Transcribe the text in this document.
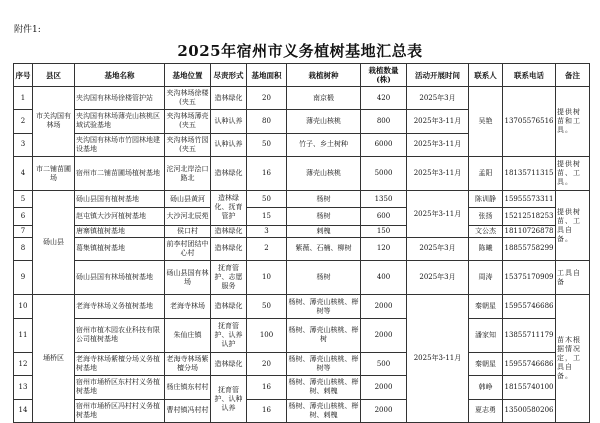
附件1:
2025年宿州市义务植树基地汇总表
序号	县区	基地名称	基地位置	尽责形式	基地面积	栽植树种	栽植数量(株)	活动开展时间	联系人	联系电话	备注
1	市关沟国有林场	夹沟国有林场徐楼管护站	夹沟林场徐楼(夹五	造林绿化	20	南京椴	420	2025年3月	吴艳	13705576516	提供树苗和工具。
2		夹沟国有林场薄壳山核桃区域试验基地	夹沟林场薄壳(夹五	认种认养	80	薄壳山核桃	800	2025年3-11月			
3		夹沟国有林场市竹园林地建设基地	夹沟林场竹园(夹五	认种认养	50	竹子、乡土树种	6000	2025年3-11月			
4	市二铺苗圃场	宿州市二铺苗圃场植树基地	沱河北岸浍口路北	造林绿化	16	薄壳山核桃	5000	2025年3-11月	孟阳	18135711315	提供树苗、工具。
5	砀山县	砀山县国有植树基地	砀山县黄河	造林绿化、抚育管护	50	杨树	1350	2025年3-11月	陈训静	15955573311	提供树苗、工具自备。
6		赵屯镇大沙河植树基地	大沙河北辰苑		15	杨树	600		张扬	15212518253	
7		唐寨镇植树基地	侯口村	造林绿化	3	刺槐	150		文公杰	18110726878	
8		葛集镇植树基地	前李村团结中心村	造林绿化	2	紫薇、石楠、柳树	120	2025年3月	陈曦	18855758299	
9		砀山县国有林场植树基地	砀山县国有林场	抚育管护、志愿服务	10	杨树	400	2025年3月	周涛	15375170909	工具自备
10	埇桥区	老海寺林场义务植树基地	老海寺林场	造林绿化	50	杨树、薄壳山核桃、榉树等	2000	2025年3-11月	秦朝星	15955746686	苗木根据情况定，工具自备。
11		宿州市植木园农业科技有限公司植树基地	朱仙庄镇	抚育管护、认养认护	100	杨树、薄壳山核桃、榉树	2000		潘家知	13855711179	
12		老海寺林场紫檀分场义务植树基地	老海寺林场紫檀分场	造林绿化	20	杨树、薄壳山核桃、榉树等	500		秦朝星	15955746686	
13		宿州市埇桥区东村村义务植树基地	杨庄镇东村村	抚育管护、认种认养	16	杨树、薄壳山核桃、榉树、刺槐	2000		韩峥	18155740100	
14		宿州市埇桥区冯村村义务植树基地	曹村镇冯村村		16	杨树、薄壳山核桃、榉树、刺槐	2000		夏志勇	13500580206	
